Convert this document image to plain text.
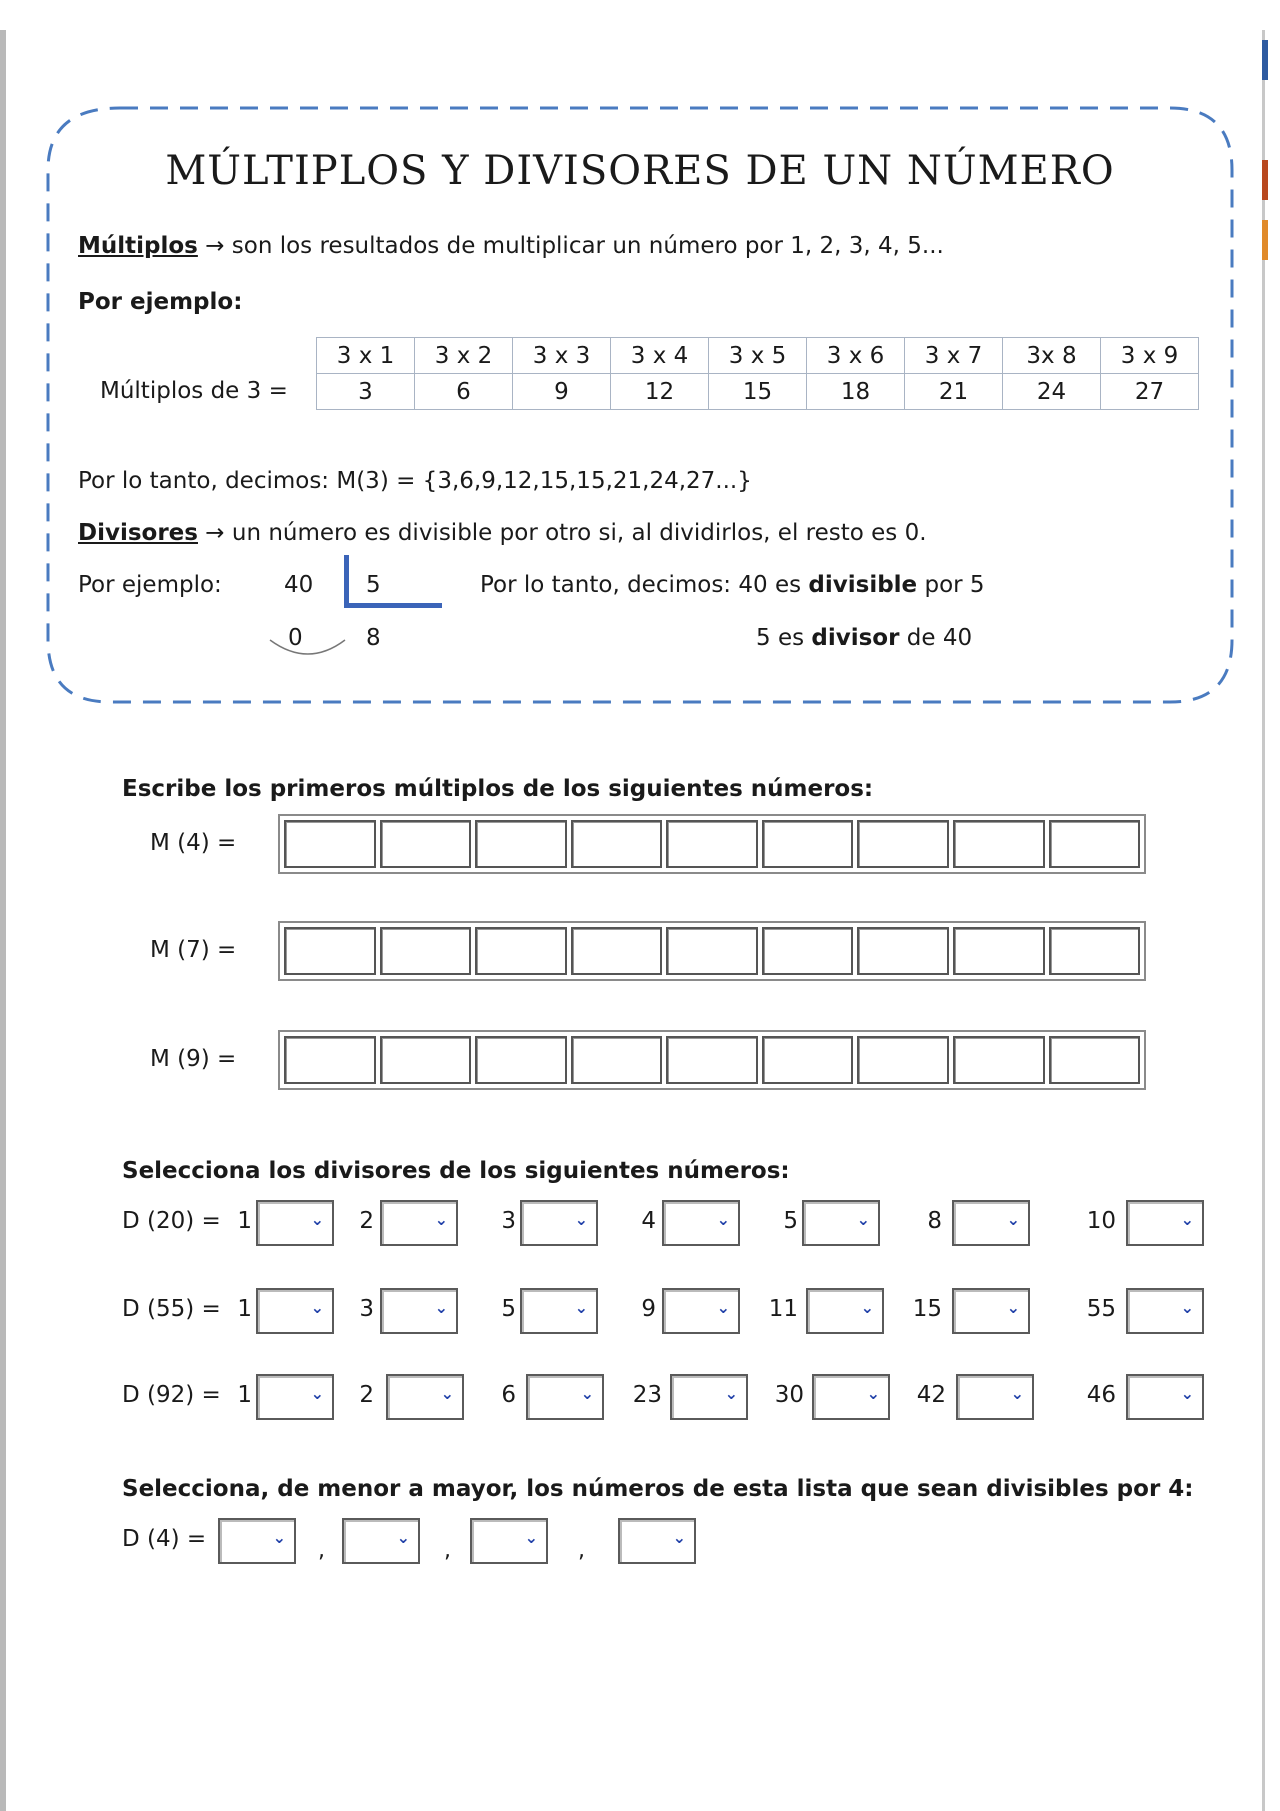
MÚLTIPLOS Y DIVISORES DE UN NÚMERO
Múltiplos → son los resultados de multiplicar un número por 1, 2, 3, 4, 5...
Por ejemplo:
Múltiplos de 3 =
3 x 1	3 x 2	3 x 3	3 x 4	3 x 5	3 x 6	3 x 7	3x 8	3 x 9
3	6	9	12	15	18	21	24	27
Por lo tanto, decimos: M(3) = {3,6,9,12,15,15,21,24,27...}
Divisores → un número es divisible por otro si, al dividirlos, el resto es 0.
Por ejemplo:	40 5
0	8
Por lo tanto, decimos: 40 es divisible por 5
5 es divisor de 40
Escribe los primeros múltiplos de los siguientes números:
M (4) =
M (7) =
M (9) =
Selecciona los divisores de los siguientes números:
D (20) = 1	⌄	2	⌄	3	⌄	4	⌄	5	⌄	8	⌄	10	⌄
D (55) = 1	⌄	3	⌄	5	⌄	9	⌄ 11	⌄ 15	⌄	55	⌄
D (92) = 1	⌄	2	⌄	6	⌄ 23	⌄ 30	⌄ 42	⌄	46	⌄
Selecciona, de menor a mayor, los números de esta lista que sean divisibles por 4:
D (4) =	⌄
,
⌄
,
⌄
,
⌄
